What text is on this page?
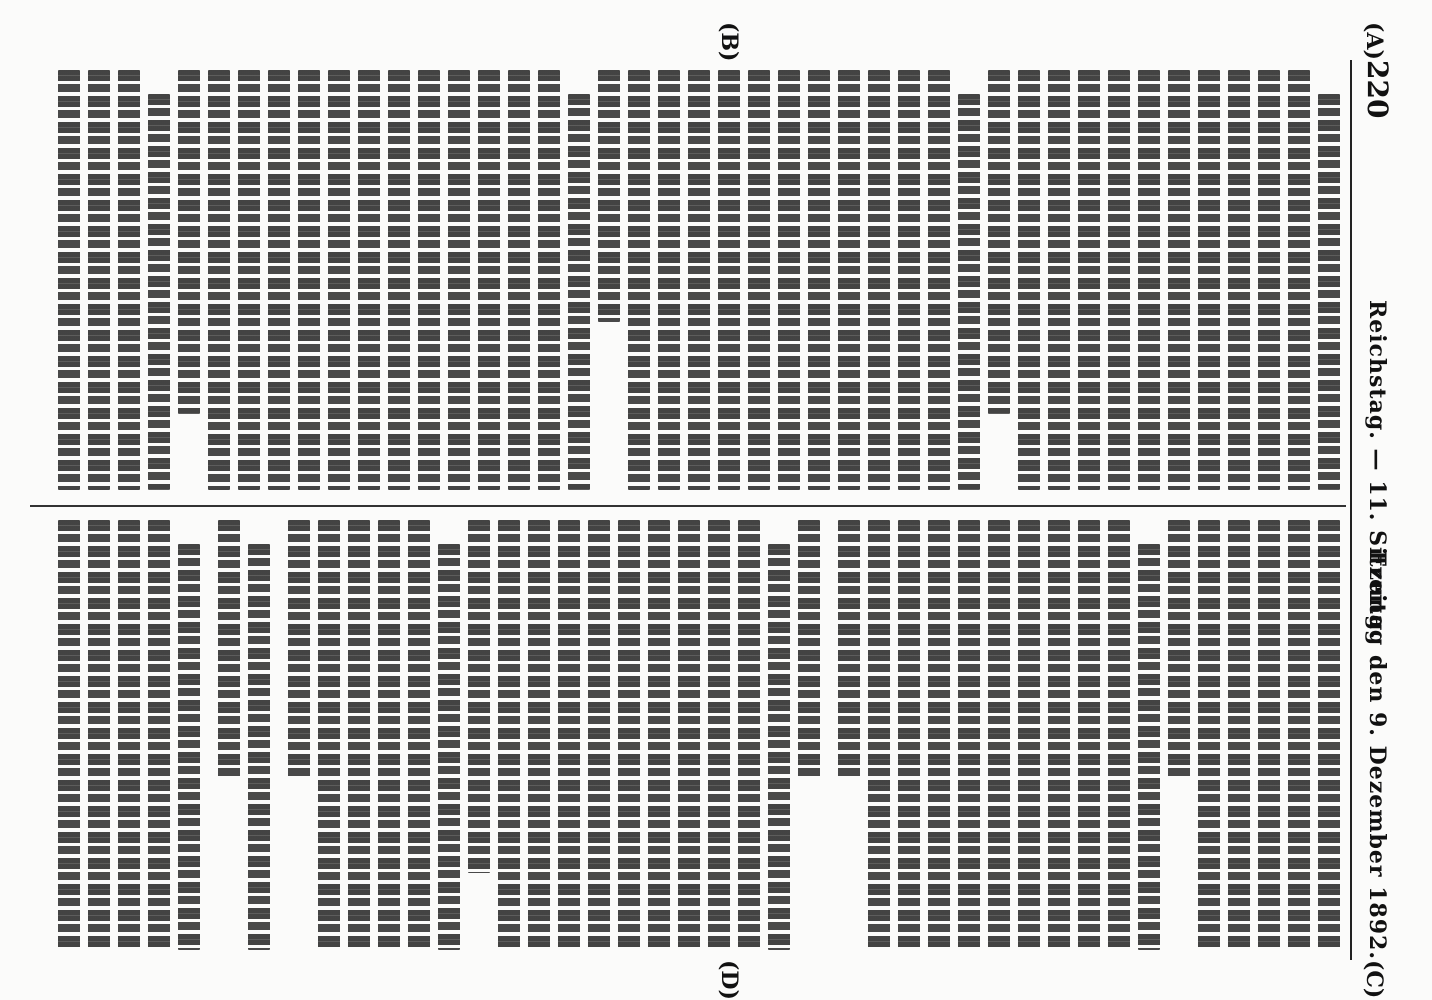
220
Reichstag. — 11. Sitzung.
Freitag den 9. Dezember 1892.
(A)
(B)
(C)
(D)
